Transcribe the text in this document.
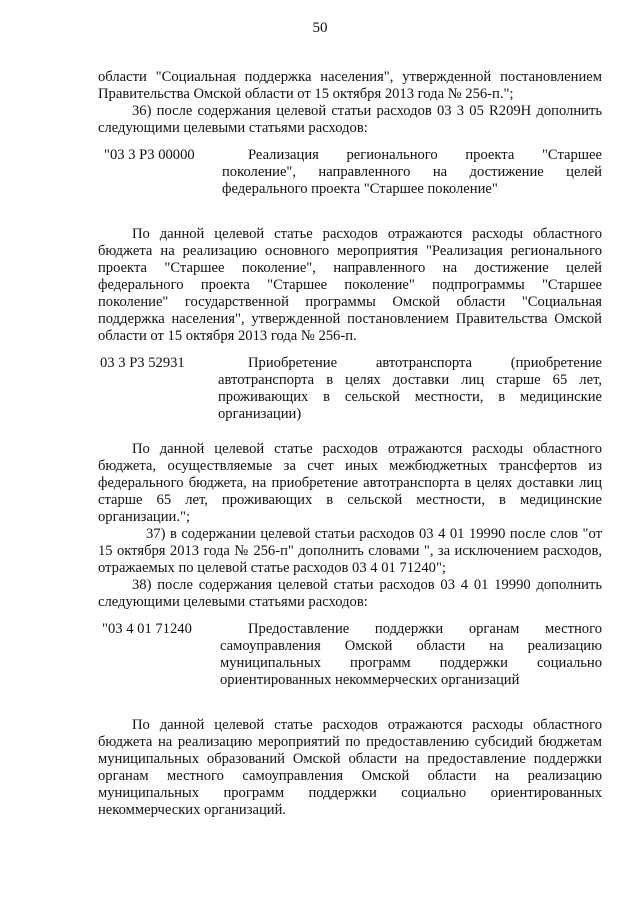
50

области "Социальная поддержка населения", утвержденной постановлением Правительства Омской области от 15 октября 2013 года № 256-п.";

36) после содержания целевой статьи расходов 03 3 05 R209H дополнить следующими целевыми статьями расходов:

"03 3 P3 00000	Реализация регионального проекта "Старшее поколение", направленного на достижение целей федерального проекта "Старшее поколение"

По данной целевой статье расходов отражаются расходы областного бюджета на реализацию основного мероприятия "Реализация регионального проекта "Старшее поколение", направленного на достижение целей федерального проекта "Старшее поколение" подпрограммы "Старшее поколение" государственной программы Омской области "Социальная поддержка населения", утвержденной постановлением Правительства Омской области от 15 октября 2013 года № 256-п.

03 3 P3 52931	Приобретение автотранспорта (приобретение автотранспорта в целях доставки лиц старше 65 лет, проживающих в сельской местности, в медицинские организации)

По данной целевой статье расходов отражаются расходы областного бюджета, осуществляемые за счет иных межбюджетных трансфертов из федерального бюджета, на приобретение автотранспорта в целях доставки лиц старше 65 лет, проживающих в сельской местности, в медицинские организации.";

37) в содержании целевой статьи расходов 03 4 01 19990 после слов "от 15 октября 2013 года № 256-п" дополнить словами ", за исключением расходов, отражаемых по целевой статье расходов 03 4 01 71240";

38) после содержания целевой статьи расходов 03 4 01 19990 дополнить следующими целевыми статьями расходов:

"03 4 01 71240	Предоставление поддержки органам местного самоуправления Омской области на реализацию муниципальных программ поддержки социально ориентированных некоммерческих организаций

По данной целевой статье расходов отражаются расходы областного бюджета на реализацию мероприятий по предоставлению субсидий бюджетам муниципальных образований Омской области на предоставление поддержки органам местного самоуправления Омской области на реализацию муниципальных программ поддержки социально ориентированных некоммерческих организаций.
